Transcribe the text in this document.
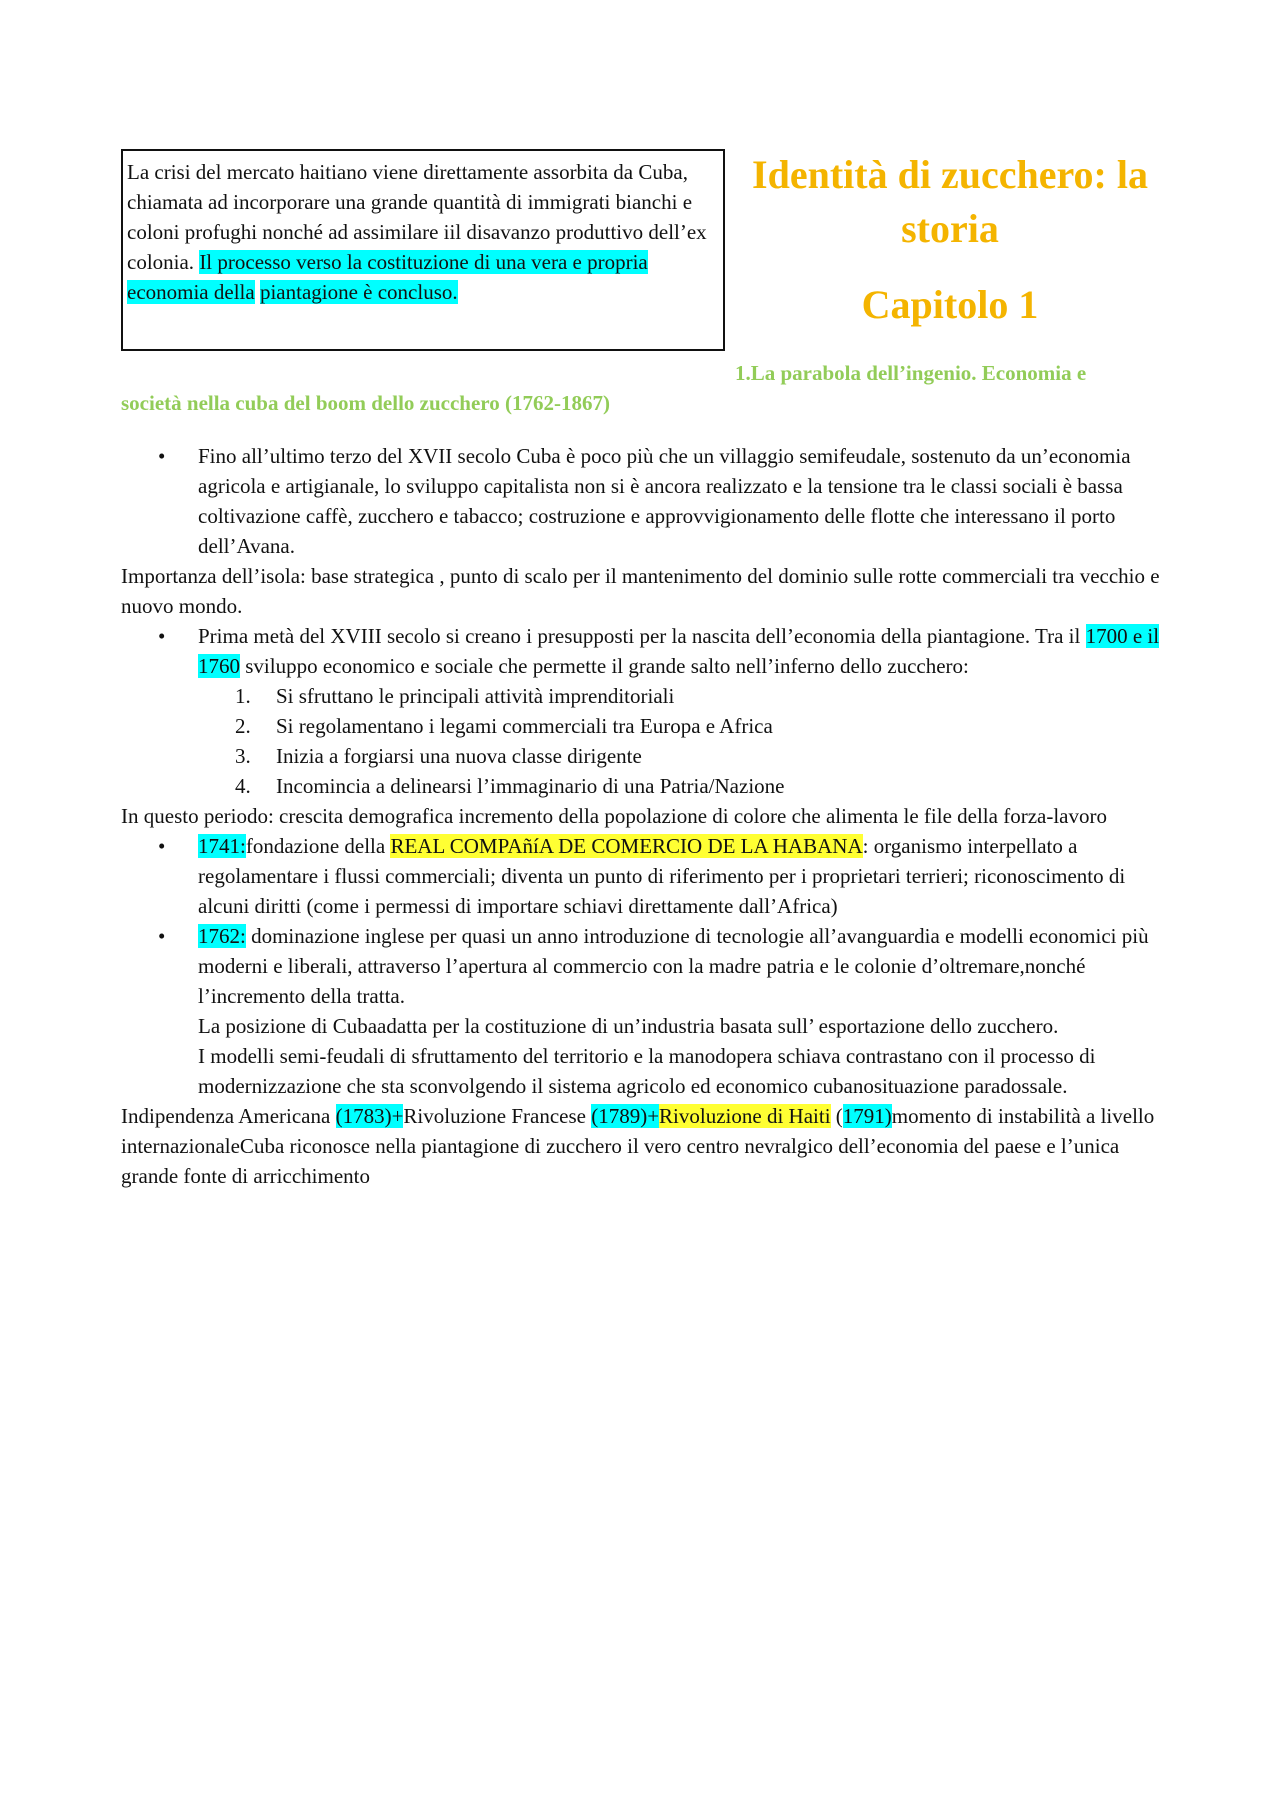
La crisi del mercato haitiano viene direttamente assorbita da Cuba, chiamata ad incorporare una grande quantità di immigrati bianchi e coloni profughi nonché ad assimilare iil disavanzo produttivo dell’ex colonia. Il processo verso la costituzione di una vera e propria economia della piantagione è concluso.

Identità di zucchero: la storia

Capitolo 1

1.La parabola dell’ingenio. Economia e
società nella cuba del boom dello zucchero (1762-1867)

• Fino all’ultimo terzo del XVII secolo Cuba è poco più che un villaggio semifeudale, sostenuto da un’economia agricola e artigianale, lo sviluppo capitalista non si è ancora realizzato e la tensione tra le classi sociali è bassa coltivazione caffè, zucchero e tabacco; costruzione e approvvigionamento delle flotte che interessano il porto dell’Avana.

Importanza dell’isola: base strategica , punto di scalo per il mantenimento del dominio sulle rotte commerciali tra vecchio e nuovo mondo.

• Prima metà del XVIII secolo si creano i presupposti per la nascita dell’economia della piantagione. Tra il 1700 e il 1760 sviluppo economico e sociale che permette il grande salto nell’inferno dello zucchero:

1. Si sfruttano le principali attività imprenditoriali
2. Si regolamentano i legami commerciali tra Europa e Africa
3. Inizia a forgiarsi una nuova classe dirigente
4. Incomincia a delinearsi l’immaginario di una Patria/Nazione

In questo periodo: crescita demografica incremento della popolazione di colore che alimenta le file della forza-lavoro

• 1741:fondazione della REAL COMPAñíA DE COMERCIO DE LA HABANA: organismo interpellato a regolamentare i flussi commerciali; diventa un punto di riferimento per i proprietari terrieri; riconoscimento di alcuni diritti (come i permessi di importare schiavi direttamente dall’Africa)

• 1762: dominazione inglese per quasi un anno introduzione di tecnologie all’avanguardia e modelli economici più moderni e liberali, attraverso l’apertura al commercio con la madre patria e le colonie d’oltremare,nonché l’incremento della tratta.

La posizione di Cubaadatta per la costituzione di un’industria basata sull’ esportazione dello zucchero.

I modelli semi-feudali di sfruttamento del territorio e la manodopera schiava contrastano con il processo di modernizzazione che sta sconvolgendo il sistema agricolo ed economico cubanosituazione paradossale.

Indipendenza Americana (1783)+Rivoluzione Francese (1789)+Rivoluzione di Haiti (1791)momento di instabilità a livello internazionaleCuba riconosce nella piantagione di zucchero il vero centro nevralgico dell’economia del paese e l’unica grande fonte di arricchimento
